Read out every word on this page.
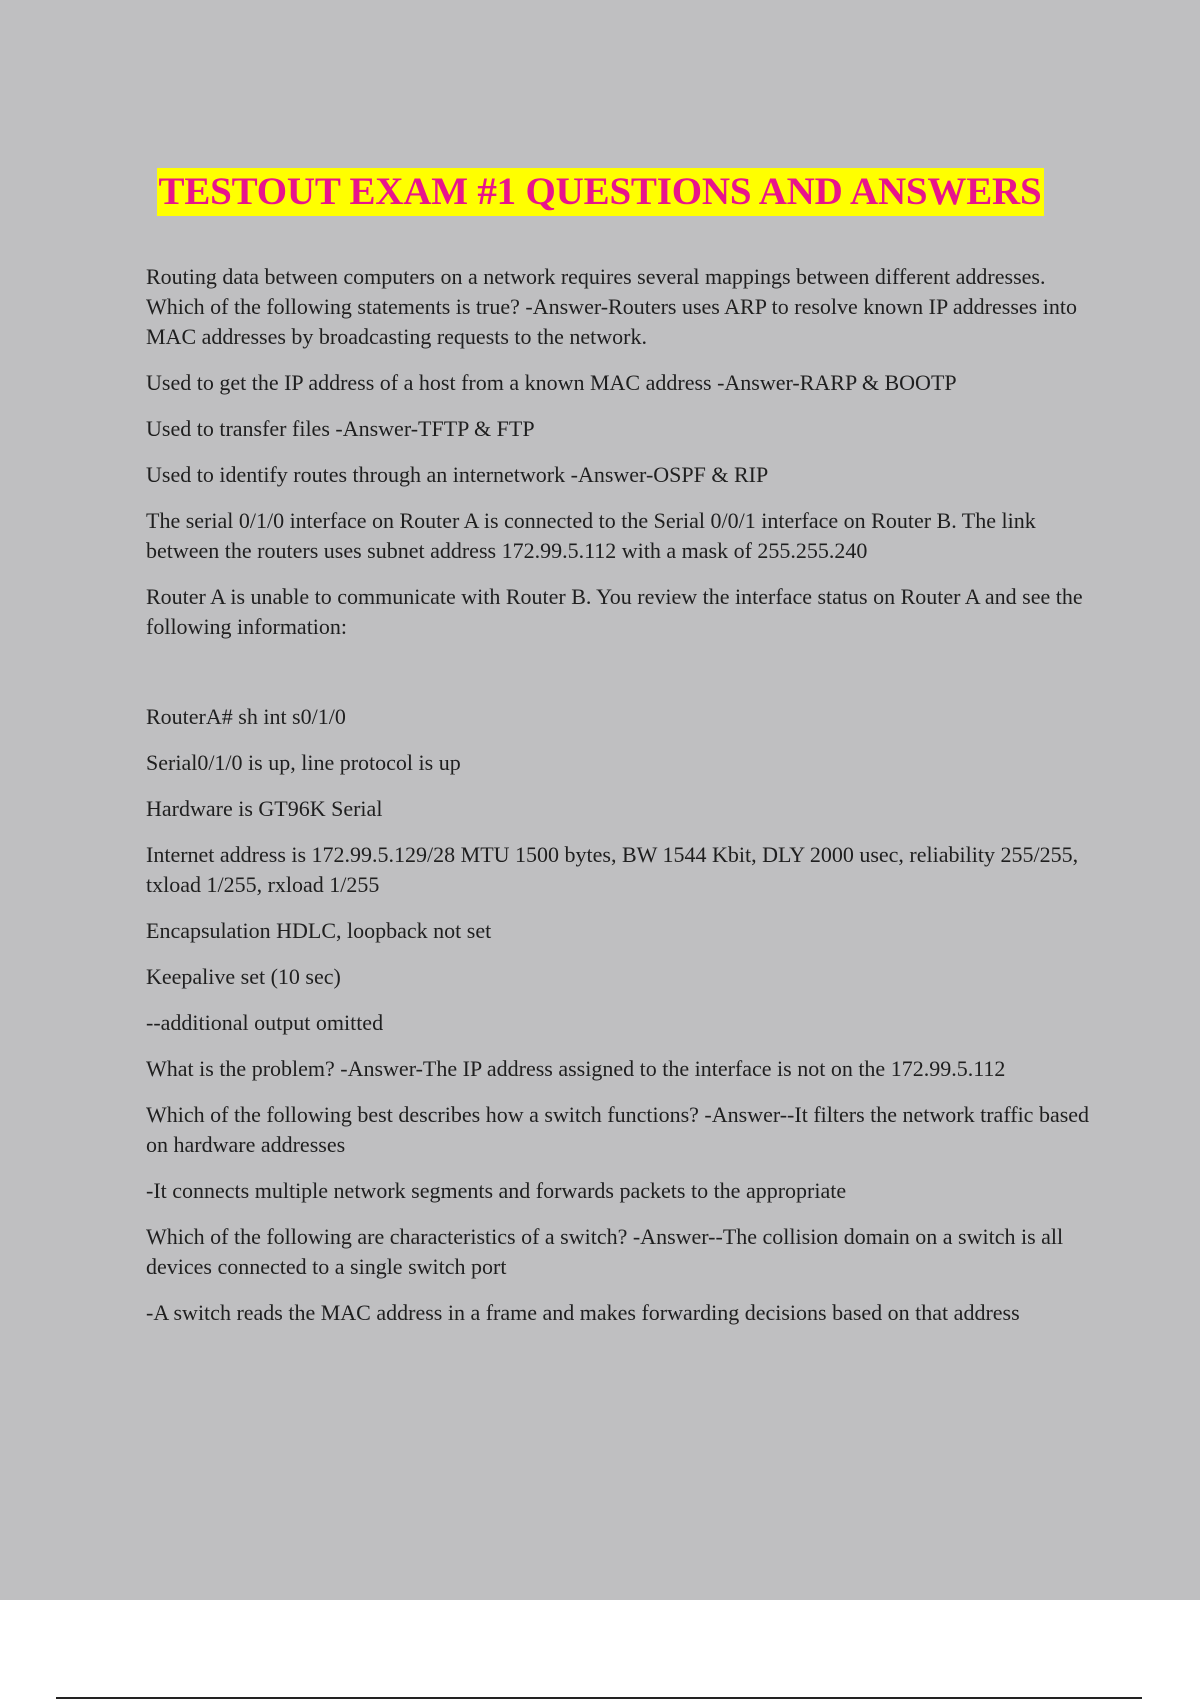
TESTOUT EXAM #1 QUESTIONS AND ANSWERS

Routing data between computers on a network requires several mappings between different addresses. Which of the following statements is true? -Answer-Routers uses ARP to resolve known IP addresses into MAC addresses by broadcasting requests to the network.

Used to get the IP address of a host from a known MAC address -Answer-RARP & BOOTP

Used to transfer files -Answer-TFTP & FTP

Used to identify routes through an internetwork -Answer-OSPF & RIP

The serial 0/1/0 interface on Router A is connected to the Serial 0/0/1 interface on Router B. The link between the routers uses subnet address 172.99.5.112 with a mask of 255.255.240

Router A is unable to communicate with Router B. You review the interface status on Router A and see the following information:

RouterA# sh int s0/1/0

Serial0/1/0 is up, line protocol is up

Hardware is GT96K Serial

Internet address is 172.99.5.129/28 MTU 1500 bytes, BW 1544 Kbit, DLY 2000 usec, reliability 255/255, txload 1/255, rxload 1/255

Encapsulation HDLC, loopback not set

Keepalive set (10 sec)

--additional output omitted

What is the problem? -Answer-The IP address assigned to the interface is not on the 172.99.5.112

Which of the following best describes how a switch functions? -Answer--It filters the network traffic based on hardware addresses

-It connects multiple network segments and forwards packets to the appropriate

Which of the following are characteristics of a switch? -Answer--The collision domain on a switch is all devices connected to a single switch port

-A switch reads the MAC address in a frame and makes forwarding decisions based on that address
